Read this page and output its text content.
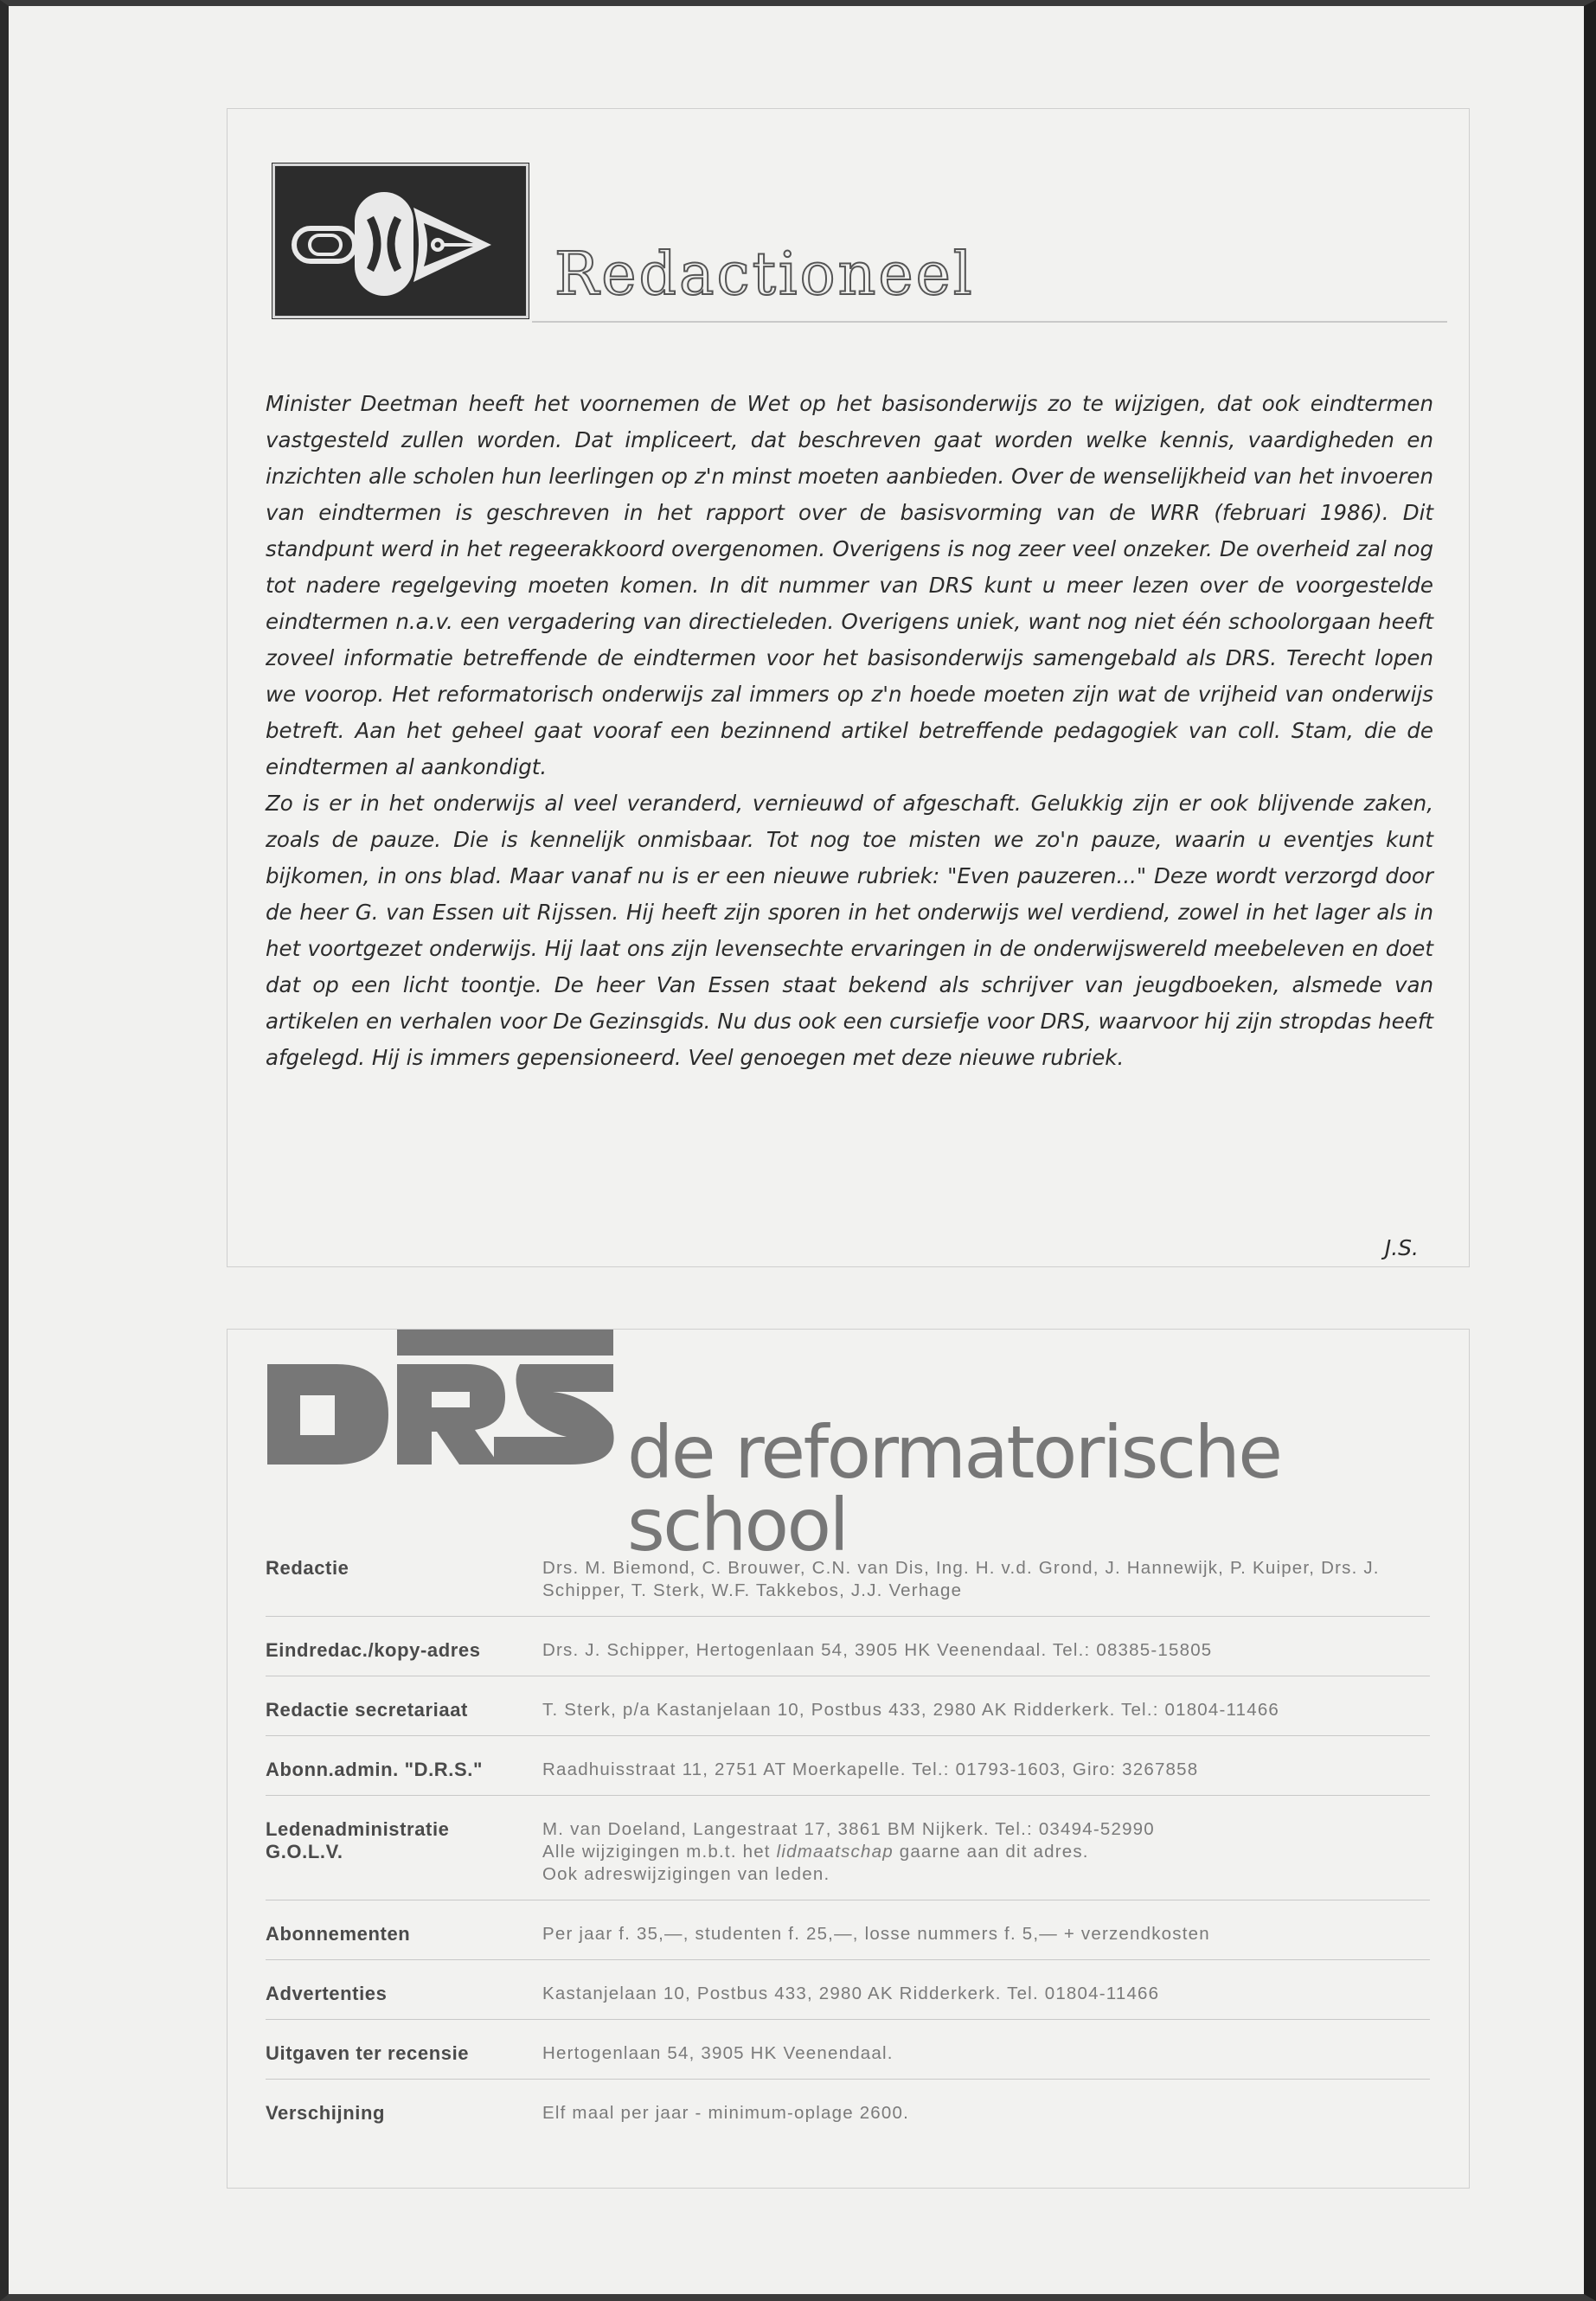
Redactioneel

Minister Deetman heeft het voornemen de Wet op het basisonderwijs zo te wijzigen, dat ook eindtermen vastgesteld zullen worden. Dat impliceert, dat beschreven gaat worden welke kennis, vaardigheden en inzichten alle scholen hun leerlingen op z'n minst moeten aanbieden. Over de wenselijkheid van het invoeren van eindtermen is geschreven in het rapport over de basisvorming van de WRR (februari 1986). Dit standpunt werd in het regeerakkoord overgenomen. Overigens is nog zeer veel onzeker. De overheid zal nog tot nadere regelgeving moeten komen. In dit nummer van DRS kunt u meer lezen over de voorgestelde eindtermen n.a.v. een vergadering van directieleden. Overigens uniek, want nog niet één schoolorgaan heeft zoveel informatie betreffende de eindtermen voor het basisonderwijs samengebald als DRS. Terecht lopen we voorop. Het reformatorisch onderwijs zal immers op z'n hoede moeten zijn wat de vrijheid van onderwijs betreft. Aan het geheel gaat vooraf een bezinnend artikel betreffende pedagogiek van coll. Stam, die de eindtermen al aankondigt.

Zo is er in het onderwijs al veel veranderd, vernieuwd of afgeschaft. Gelukkig zijn er ook blijvende zaken, zoals de pauze. Die is kennelijk onmisbaar. Tot nog toe misten we zo'n pauze, waarin u eventjes kunt bijkomen, in ons blad. Maar vanaf nu is er een nieuwe rubriek: "Even pauzeren..." Deze wordt verzorgd door de heer G. van Essen uit Rijssen. Hij heeft zijn sporen in het onderwijs wel verdiend, zowel in het lager als in het voortgezet onderwijs. Hij laat ons zijn levensechte ervaringen in de onderwijswereld meebeleven en doet dat op een licht toontje. De heer Van Essen staat bekend als schrijver van jeugdboeken, alsmede van artikelen en verhalen voor De Gezinsgids. Nu dus ook een cursiefje voor DRS, waarvoor hij zijn stropdas heeft afgelegd. Hij is immers gepensioneerd. Veel genoegen met deze nieuwe rubriek.

J.S.
de reformatorische school
Redactie	Drs. M. Biemond, C. Brouwer, C.N. van Dis, Ing. H. v.d. Grond, J. Hannewijk, P. Kuiper, Drs. J. Schipper, T. Sterk, W.F. Takkebos, J.J. Verhage

Eindredac./kopy-adres	Drs. J. Schipper, Hertogenlaan 54, 3905 HK Veenendaal. Tel.: 08385-15805

Redactie secretariaat	T. Sterk, p/a Kastanjelaan 10, Postbus 433, 2980 AK Ridderkerk. Tel.: 01804-11466

Abonn.admin. "D.R.S."	Raadhuisstraat 11, 2751 AT Moerkapelle. Tel.: 01793-1603, Giro: 3267858

Ledenadministratie
G.O.L.V.	M. van Doeland, Langestraat 17, 3861 BM Nijkerk. Tel.: 03494-52990
Alle wijzigingen m.b.t. het lidmaatschap gaarne aan dit adres.
Ook adreswijzigingen van leden.

Abonnementen	Per jaar f. 35,—, studenten f. 25,—, losse nummers f. 5,— + verzendkosten

Advertenties	Kastanjelaan 10, Postbus 433, 2980 AK Ridderkerk. Tel. 01804-11466

Uitgaven ter recensie	Hertogenlaan 54, 3905 HK Veenendaal.

Verschijning	Elf maal per jaar - minimum-oplage 2600.
